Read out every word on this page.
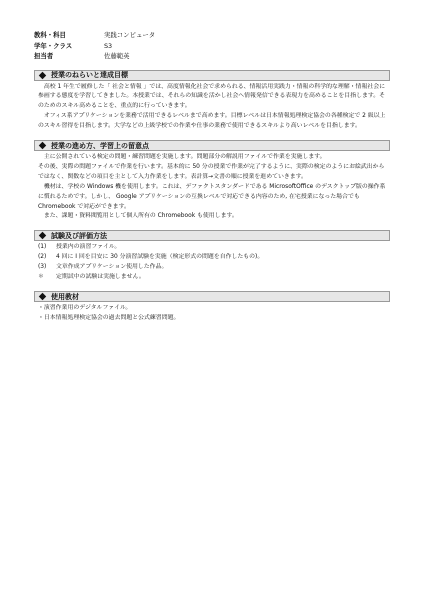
教科・科目	実践コンピュータ
学年・クラス	S3
担当者	佐藤範英
授業のねらいと達成目標

高校 1 年生で履修した「 社会と情報 」では、高度情報化社会で求められる、情報活用実践力・情報の科学的な理解・情報社会に参画する態度を学習してきました。本授業では、それらの知識を活かし社会へ情報発信できる表現力を高めることを目指します。そのためのスキル高めることを、重点的に行っていきます。

オフィス系アプリケーションを業務で活用できるレベルまで高めます。目標レベルは日本情報処理検定協会の各種検定で 2 級以上のスキル習得を目指します。大学などの上級学校での作業や仕事の業務で使用できるスキルより高いレベルを目指します。

授業の進め方、学習上の留意点

主に公開されている検定の問題・練習問題を実施します。問題部分の解説用ファイルで作業を実施します。

その後、実際の問題ファイルで作業を行います。基本的に 50 分の授業で作業が完了するように、実際の検定のようにお絵武出からではなく、関数などの項目を主として入力作業をします。表計算→文書の順に授業を進めていきます。

機材は、学校の Windows 機を使用します。これは、デファクトスタンダードである MicrosoftOffice のデスクトップ版の操作系に慣れるためです。しかし、 Google アプリケーションの互換レベルで対応できる内容のため, 在宅授業になった場合でも Chromebook で対応ができます。

また、課題・資料閲覧用として個人所有の Chromebook も使用します。

試験及び評価方法
(1)	授業内の演習ファイル。
(2)	4 回に I 回を目安に 30 分演習試験を実施（検定形式の問題を自作したもの)。
(3)	文章作成アプリケーション使用した作品。
＊	定期試中の試験は実施しません。
使用教材

・演習作業用のデジタルファイル。

・日本情報処理検定協会の過去問題と公式練習問題。
